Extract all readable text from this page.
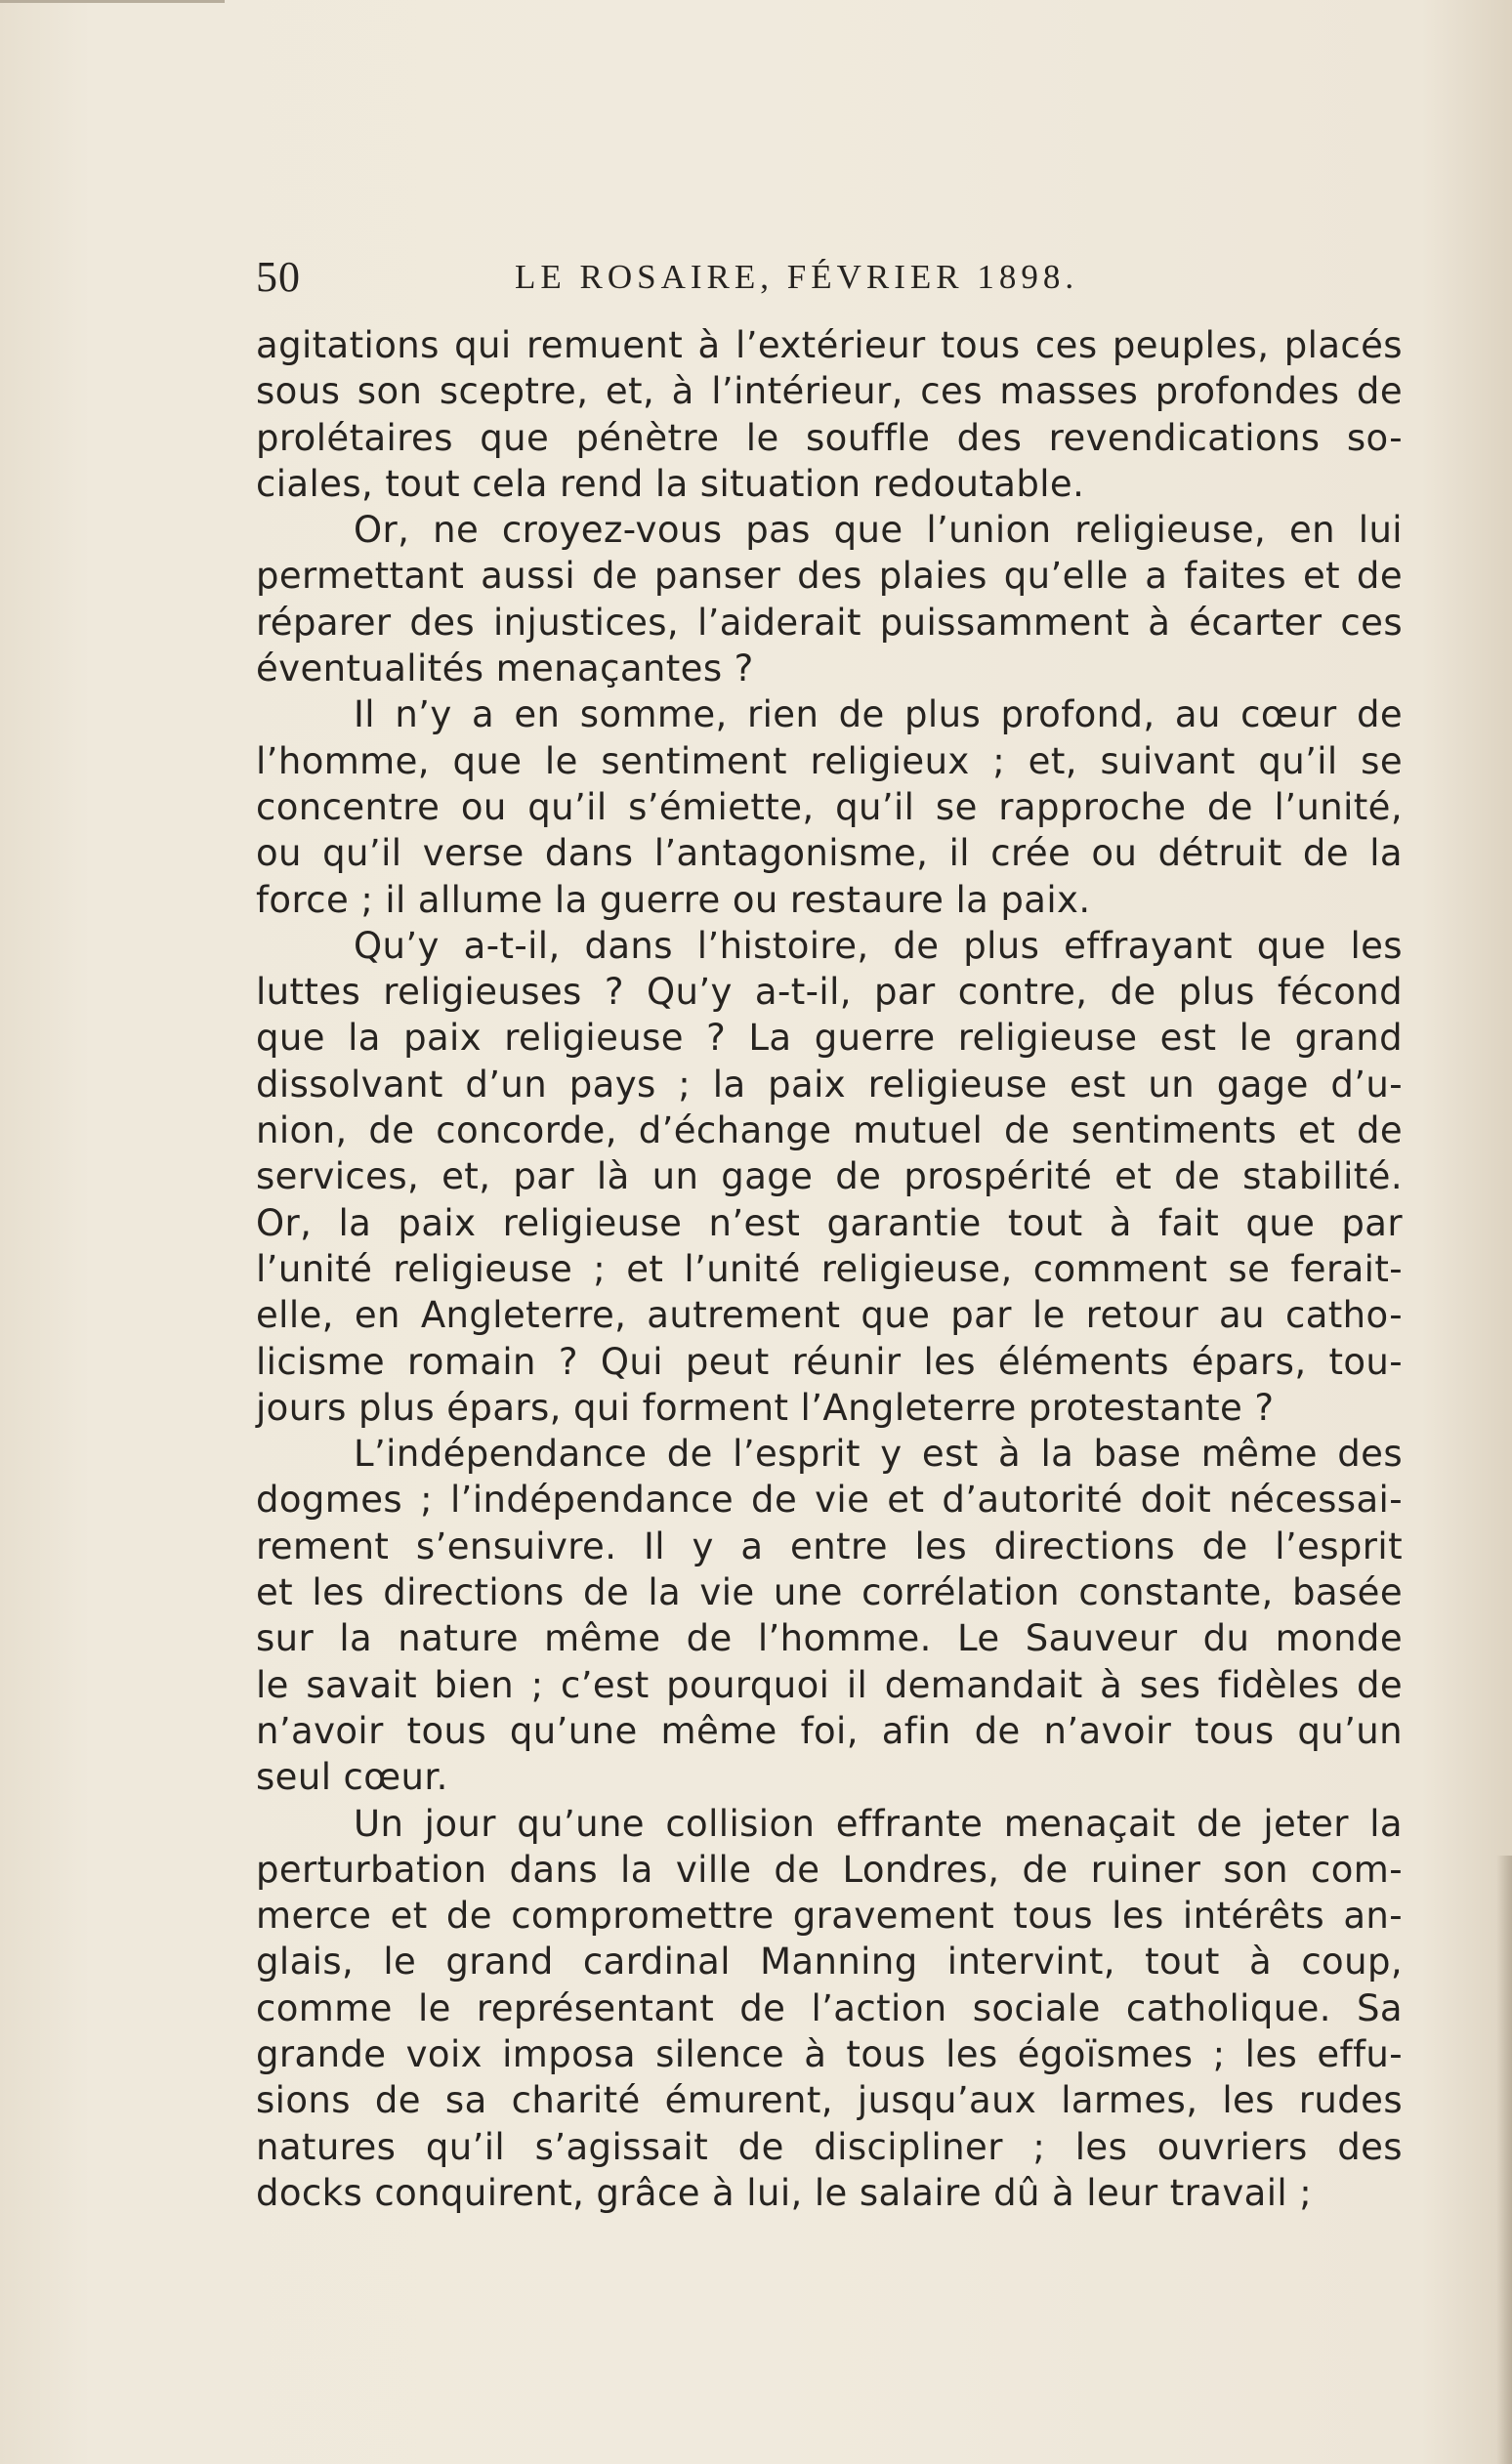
50	LE ROSAIRE, FÉVRIER 1898.
agitations qui remuent à l’extérieur tous ces peuples, placés
sous son sceptre, et, à l’intérieur, ces masses profondes de
prolétaires que pénètre le souffle des revendications so-
ciales, tout cela rend la situation redoutable.
Or, ne croyez-vous pas que l’union religieuse, en lui
permettant aussi de panser des plaies qu’elle a faites et de
réparer des injustices, l’aiderait puissamment à écarter ces
éventualités menaçantes ?
Il n’y a en somme, rien de plus profond, au cœur de
l’homme, que le sentiment religieux ; et, suivant qu’il se
concentre ou qu’il s’émiette, qu’il se rapproche de l’unité,
ou qu’il verse dans l’antagonisme, il crée ou détruit de la
force ; il allume la guerre ou restaure la paix.
Qu’y a-t-il, dans l’histoire, de plus effrayant que les
luttes religieuses ? Qu’y a-t-il, par contre, de plus fécond
que la paix religieuse ? La guerre religieuse est le grand
dissolvant d’un pays ; la paix religieuse est un gage d’u-
nion, de concorde, d’échange mutuel de sentiments et de
services, et, par là un gage de prospérité et de stabilité.
Or, la paix religieuse n’est garantie tout à fait que par
l’unité religieuse ; et l’unité religieuse, comment se ferait-
elle, en Angleterre, autrement que par le retour au catho-
licisme romain ? Qui peut réunir les éléments épars, tou-
jours plus épars, qui forment l’Angleterre protestante ?
L’indépendance de l’esprit y est à la base même des
dogmes ; l’indépendance de vie et d’autorité doit nécessai-
rement s’ensuivre. Il y a entre les directions de l’esprit
et les directions de la vie une corrélation constante, basée
sur la nature même de l’homme. Le Sauveur du monde
le savait bien ; c’est pourquoi il demandait à ses fidèles de
n’avoir tous qu’une même foi, afin de n’avoir tous qu’un
seul cœur.
Un jour qu’une collision effrante menaçait de jeter la
perturbation dans la ville de Londres, de ruiner son com-
merce et de compromettre gravement tous les intérêts an-
glais, le grand cardinal Manning intervint, tout à coup,
comme le représentant de l’action sociale catholique. Sa
grande voix imposa silence à tous les égoïsmes ; les effu-
sions de sa charité émurent, jusqu’aux larmes, les rudes
natures qu’il s’agissait de discipliner ; les ouvriers des
docks conquirent, grâce à lui, le salaire dû à leur travail ;
